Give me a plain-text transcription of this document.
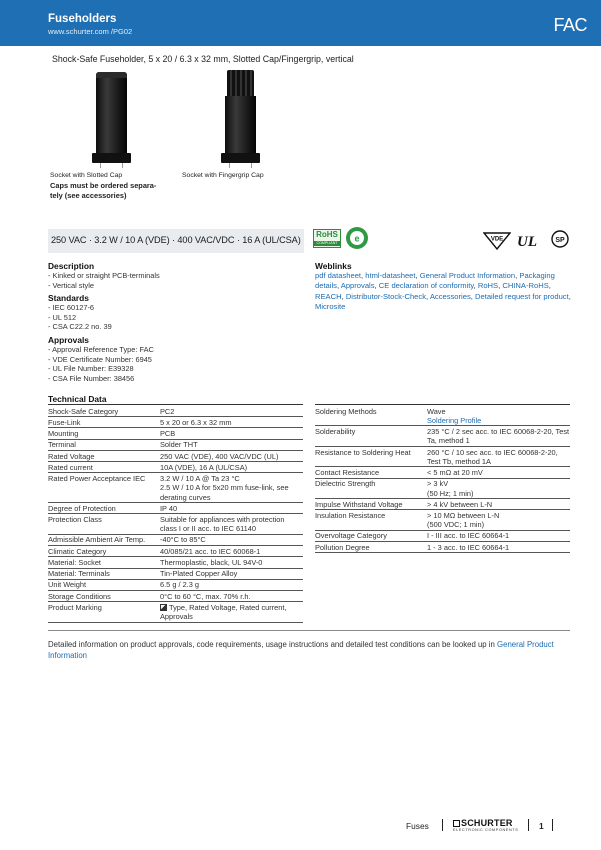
Fuseholders
www.schurter.com /PG02	FAC
Shock-Safe Fuseholder, 5 x 20 / 6.3 x 32 mm, Slotted Cap/Fingergrip, vertical
Socket with Slotted Cap
Caps must be ordered separa-
tely (see accessories)
Socket with Fingergrip Cap
250 VAC · 3.2 W / 10 A (VDE) · 400 VAC/VDC · 16 A (UL/CSA)
RoHS
COMPLIANT e	VDE UL	SP
Description
- Kinked or straight PCB-terminals
- Vertical style
Standards
- IEC 60127-6
- UL 512
- CSA C22.2 no. 39
Approvals
- Approval Reference Type: FAC
- VDE Certificate Number: 6945
- UL File Number: E39328
- CSA File Number: 38456
Weblinks
pdf datasheet, html-datasheet, General Product Information, Packaging details, Approvals, CE declaration of conformity, RoHS, CHINA-RoHS, REACH, Distributor-Stock-Check, Accessories, Detailed request for product, Microsite
Technical Data
Shock-Safe Category	PC2
Fuse-Link	5 x 20 or 6.3 x 32 mm
Mounting	PCB
Terminal	Solder THT
Rated Voltage	250 VAC (VDE), 400 VAC/VDC (UL)
Rated current	10A (VDE), 16 A (UL/CSA)
Rated Power Acceptance IEC	3.2 W / 10 A @ Ta 23 °C
2.5 W / 10 A for 5x20 mm fuse-link, see derating curves
Degree of Protection	IP 40
Protection Class	Suitable for appliances with protection class I or II acc. to IEC 61140
Admissible Ambient Air Temp.	-40°C to 85°C
Climatic Category	40/085/21 acc. to IEC 60068-1
Material: Socket	Thermoplastic, black, UL 94V-0
Material: Terminals	Tin-Plated Copper Alloy
Unit Weight	6.5 g / 2.3 g
Storage Conditions	0°C to 60 °C, max. 70% r.h.
Product Marking	Type, Rated Voltage, Rated current, Approvals
Soldering Methods	Wave
Soldering Profile
Solderability	235 °C / 2 sec acc. to IEC 60068-2-20, Test Ta, method 1
Resistance to Soldering Heat	260 °C / 10 sec acc. to IEC 60068-2-20, Test Tb, method 1A
Contact Resistance	< 5 mΩ at 20 mV
Dielectric Strength	> 3 kV
(50 Hz; 1 min)
Impulse Withstand Voltage	> 4 kV between L-N
Insulation Resistance	> 10 MΩ between L-N
(500 VDC; 1 min)
Overvoltage Category	I - III acc. to IEC 60664-1
Pollution Degree	1 - 3 acc. to IEC 60664-1
Detailed information on product approvals, code requirements, usage instructions and detailed test conditions can be looked up in General Product Information
Fuses	SCHURTER
ELECTRONIC COMPONENTS 1
